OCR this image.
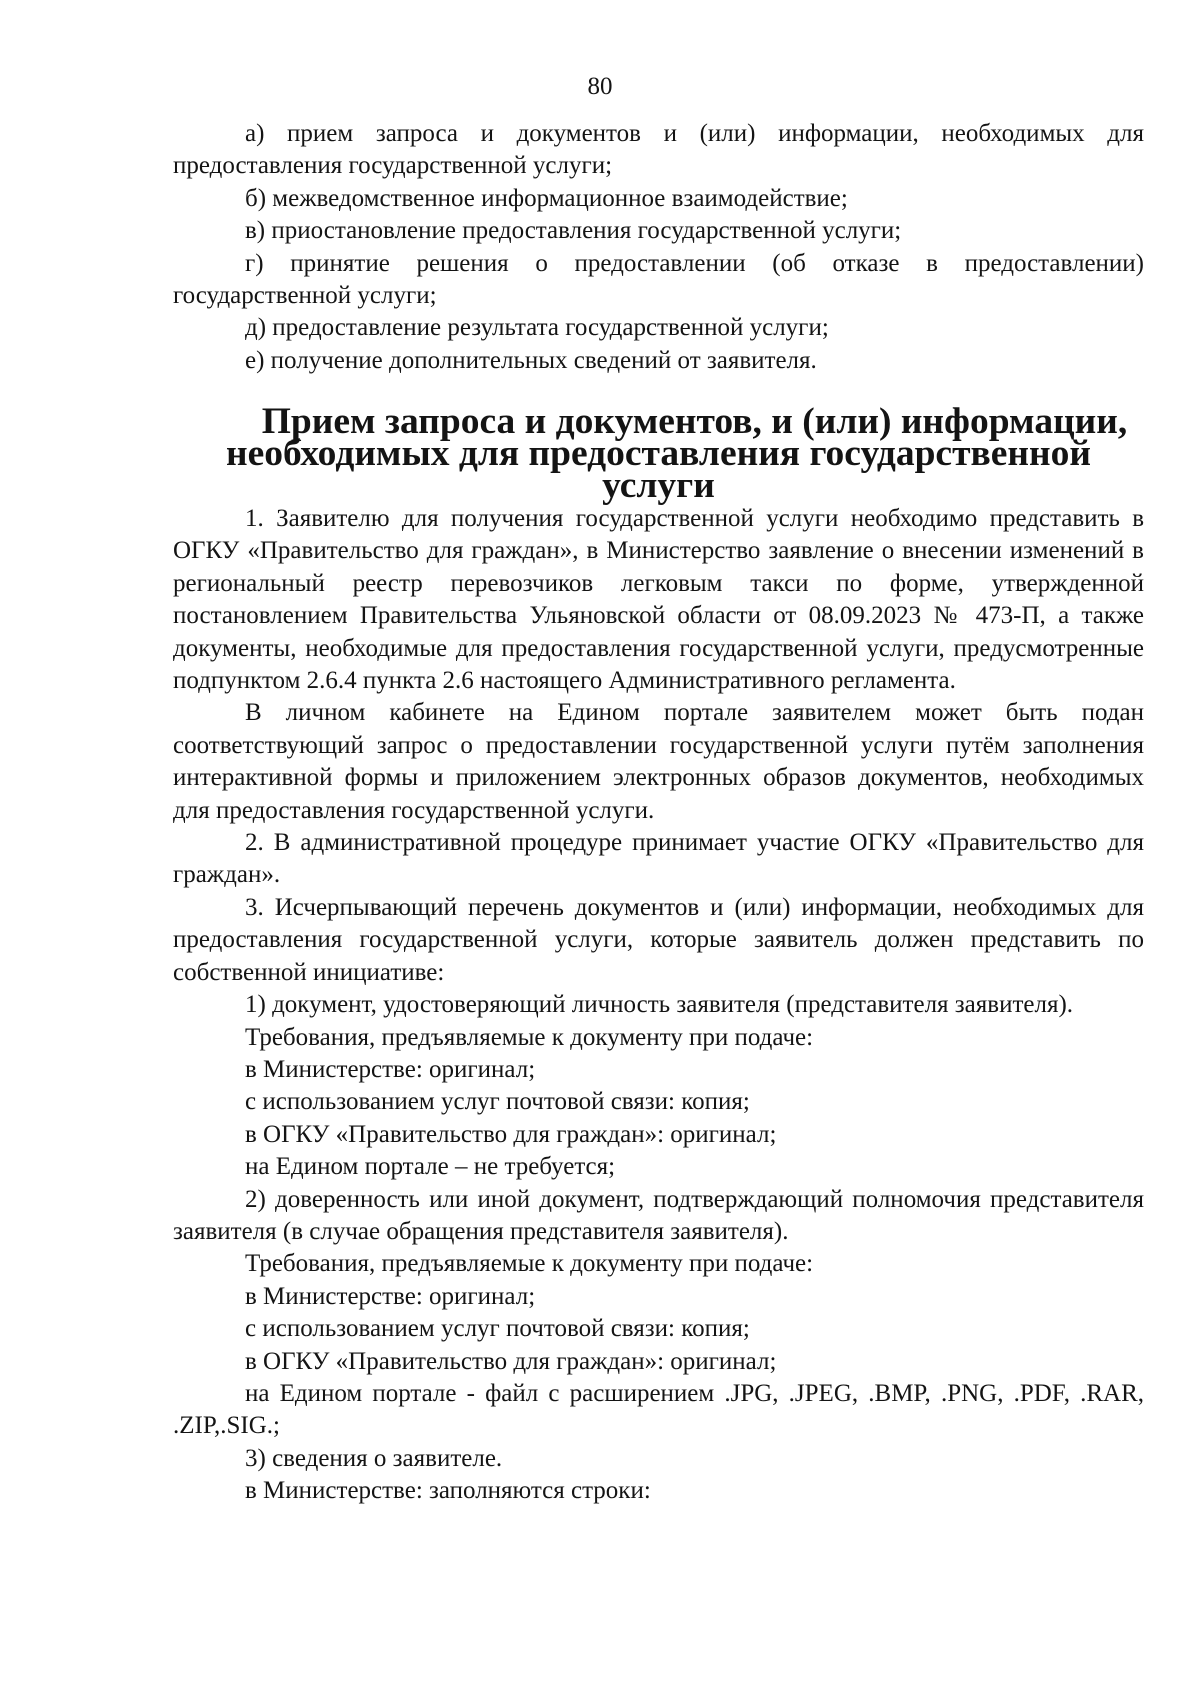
80

а) прием запроса и документов и (или) информации, необходимых для предоставления государственной услуги;

б) межведомственное информационное взаимодействие;

в) приостановление предоставления государственной услуги;

г) принятие решения о предоставлении (об отказе в предоставлении) государственной услуги;

д) предоставление результата государственной услуги;

е) получение дополнительных сведений от заявителя.

Прием запроса и документов, и (или) информации, необходимых для предоставления государственной услуги

1. Заявителю для получения государственной услуги необходимо представить в ОГКУ «Правительство для граждан», в Министерство заявление о внесении изменений в региональный реестр перевозчиков легковым такси по форме, утвержденной постановлением Правительства Ульяновской области от 08.09.2023 № 473-П, а также документы, необходимые для предоставления государственной услуги, предусмотренные подпунктом 2.6.4 пункта 2.6 настоящего Административного регламента.

В личном кабинете на Едином портале заявителем может быть подан соответствующий запрос о предоставлении государственной услуги путём заполнения интерактивной формы и приложением электронных образов документов, необходимых для предоставления государственной услуги.

2. В административной процедуре принимает участие ОГКУ «Правительство для граждан».

3. Исчерпывающий перечень документов и (или) информации, необходимых для предоставления государственной услуги, которые заявитель должен представить по собственной инициативе:

1) документ, удостоверяющий личность заявителя (представителя заявителя).

Требования, предъявляемые к документу при подаче:

в Министерстве: оригинал;

с использованием услуг почтовой связи: копия;

в ОГКУ «Правительство для граждан»: оригинал;

на Едином портале – не требуется;

2) доверенность или иной документ, подтверждающий полномочия представителя заявителя (в случае обращения представителя заявителя).

Требования, предъявляемые к документу при подаче:

в Министерстве: оригинал;

с использованием услуг почтовой связи: копия;

в ОГКУ «Правительство для граждан»: оригинал;

на Едином портале - файл с расширением .JPG, .JPEG, .BMP, .PNG, .PDF, .RAR, .ZIP,.SIG.;

3) сведения о заявителе.

в Министерстве: заполняются строки:
